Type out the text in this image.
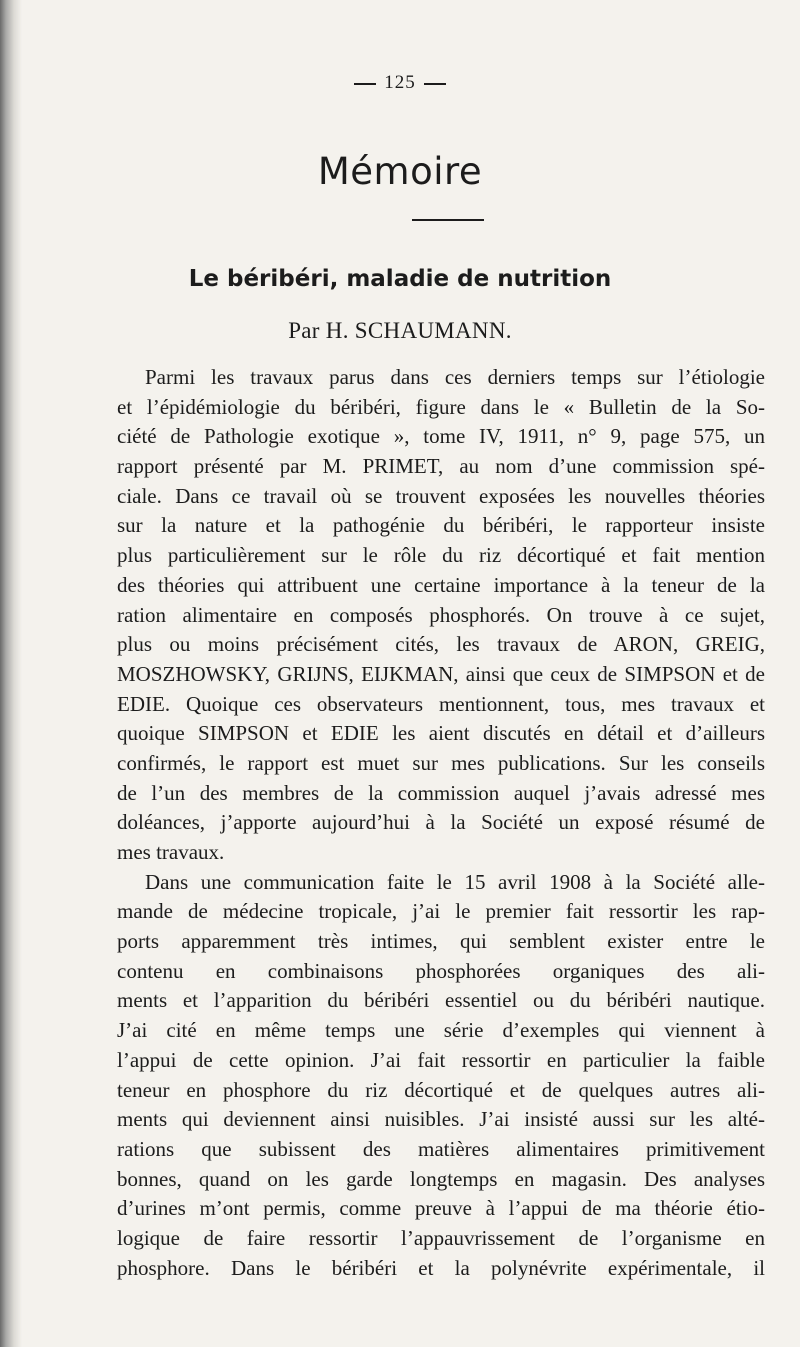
125
Mémoire
Le béribéri, maladie de nutrition
Par H. SCHAUMANN.
Parmi les travaux parus dans ces derniers temps sur l’étiologie
et l’épidémiologie du béribéri, figure dans le « Bulletin de la So-
ciété de Pathologie exotique », tome IV, 1911, n° 9, page 575, un
rapport présenté par M. PRIMET, au nom d’une commission spé-
ciale. Dans ce travail où se trouvent exposées les nouvelles théories
sur la nature et la pathogénie du béribéri, le rapporteur insiste
plus particulièrement sur le rôle du riz décortiqué et fait mention
des théories qui attribuent une certaine importance à la teneur de la
ration alimentaire en composés phosphorés. On trouve à ce sujet,
plus ou moins précisément cités, les travaux de ARON, GREIG,
MOSZHOWSKY, GRIJNS, EIJKMAN, ainsi que ceux de SIMPSON et de
EDIE. Quoique ces observateurs mentionnent, tous, mes travaux et
quoique SIMPSON et EDIE les aient discutés en détail et d’ailleurs
confirmés, le rapport est muet sur mes publications. Sur les conseils
de l’un des membres de la commission auquel j’avais adressé mes
doléances, j’apporte aujourd’hui à la Société un exposé résumé de
mes travaux.
Dans une communication faite le 15 avril 1908 à la Société alle-
mande de médecine tropicale, j’ai le premier fait ressortir les rap-
ports apparemment très intimes, qui semblent exister entre le
contenu en combinaisons phosphorées organiques des ali-
ments et l’apparition du béribéri essentiel ou du béribéri nautique.
J’ai cité en même temps une série d’exemples qui viennent à
l’appui de cette opinion. J’ai fait ressortir en particulier la faible
teneur en phosphore du riz décortiqué et de quelques autres ali-
ments qui deviennent ainsi nuisibles. J’ai insisté aussi sur les alté-
rations que subissent des matières alimentaires primitivement
bonnes, quand on les garde longtemps en magasin. Des analyses
d’urines m’ont permis, comme preuve à l’appui de ma théorie étio-
logique de faire ressortir l’appauvrissement de l’organisme en
phosphore. Dans le béribéri et la polynévrite expérimentale, il
